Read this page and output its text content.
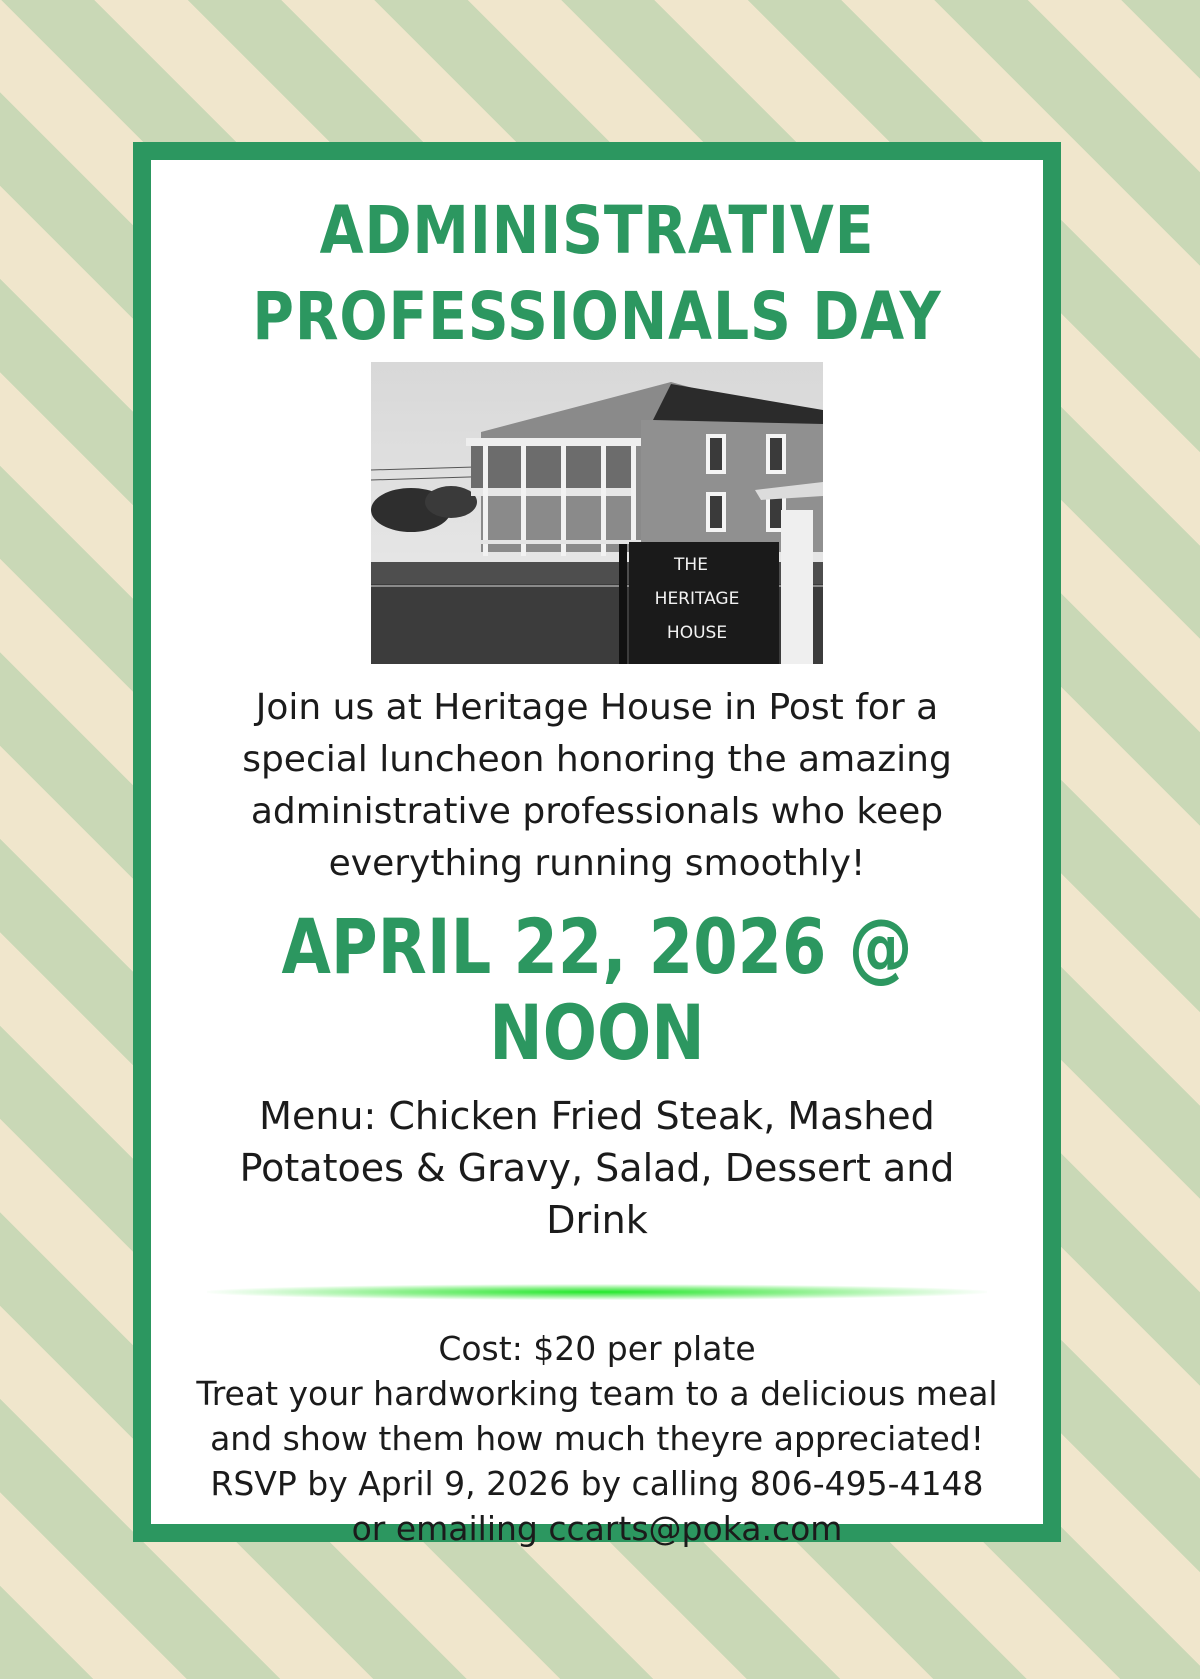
ADMINISTRATIVE
PROFESSIONALS DAY
THE
HERITAGE
HOUSE
Join us at Heritage House in Post for a special luncheon honoring the amazing administrative professionals who keep everything running smoothly!
APRIL 22, 2026 @ NOON
Menu: Chicken Fried Steak, Mashed Potatoes & Gravy, Salad, Dessert and Drink
Cost: $20 per plate
Treat your hardworking team to a delicious meal and show them how much theyre appreciated!
RSVP by April 9, 2026 by calling 806-495-4148 or emailing ccarts@poka.com
